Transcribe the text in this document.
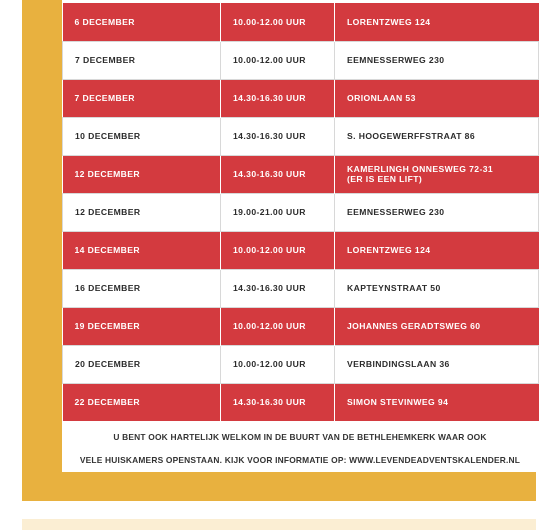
6 DECEMBER	10.00-12.00 UUR	LORENTZWEG 124
7 DECEMBER	10.00-12.00 UUR	EEMNESSERWEG 230
7 DECEMBER	14.30-16.30 UUR	ORIONLAAN 53
10 DECEMBER	14.30-16.30 UUR	S. HOOGEWERFFSTRAAT 86
12 DECEMBER	14.30-16.30 UUR	KAMERLINGH ONNESWEG 72-31
(ER IS EEN LIFT)

12 DECEMBER	19.00-21.00 UUR	EEMNESSERWEG 230
14 DECEMBER	10.00-12.00 UUR	LORENTZWEG 124
16 DECEMBER	14.30-16.30 UUR	KAPTEYNSTRAAT 50
19 DECEMBER	10.00-12.00 UUR	JOHANNES GERADTSWEG 60
20 DECEMBER	10.00-12.00 UUR	VERBINDINGSLAAN 36
22 DECEMBER	14.30-16.30 UUR	SIMON STEVINWEG 94
U BENT OOK HARTELIJK WELKOM IN DE BUURT VAN DE BETHLEHEMKERK WAAR OOK
VELE HUISKAMERS OPENSTAAN. KIJK VOOR INFORMATIE OP: WWW.LEVENDEADVENTSKALENDER.NL
